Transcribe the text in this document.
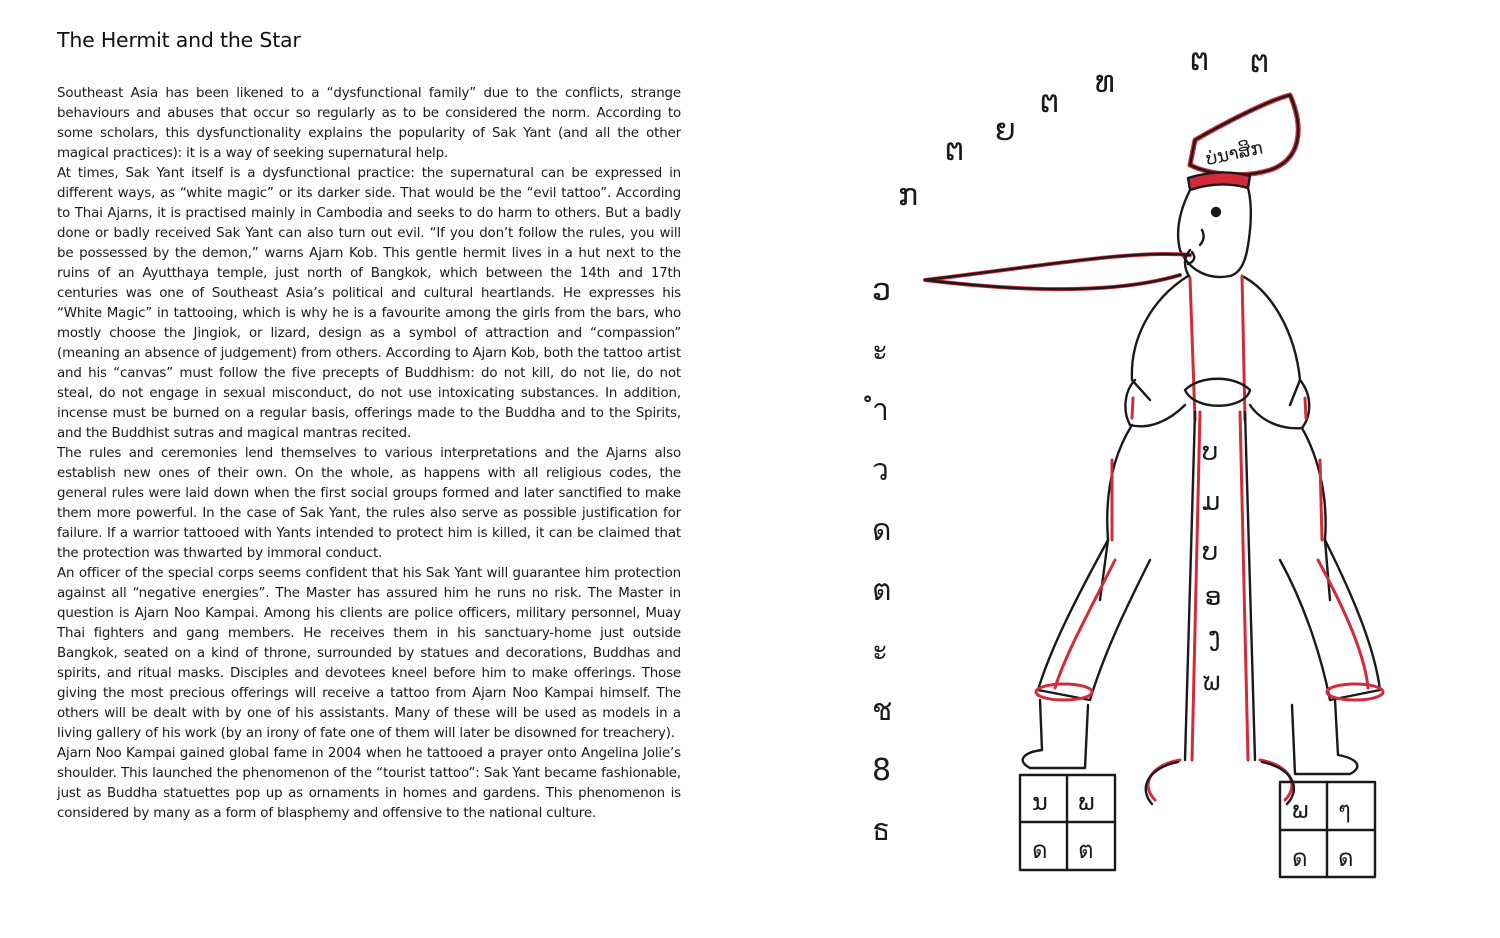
The Hermit and the Star

Southeast Asia has been likened to a “dysfunctional family” due to the conflicts, strange behaviours and abuses that occur so regularly as to be considered the norm. According to some scholars, this dysfunctionality explains the popularity of Sak Yant (and all the other magical practices): it is a way of seeking supernatural help.

At times, Sak Yant itself is a dysfunctional practice: the supernatural can be expressed in different ways, as “white magic” or its darker side. That would be the “evil tattoo”. According to Thai Ajarns, it is practised mainly in Cambodia and seeks to do harm to others. But a badly done or badly received Sak Yant can also turn out evil. “If you don’t follow the rules, you will be possessed by the demon,” warns Ajarn Kob. This gentle hermit lives in a hut next to the ruins of an Ayutthaya temple, just north of Bangkok, which between the 14th and 17th centuries was one of Southeast Asia’s political and cultural heartlands. He expresses his “White Magic” in tattooing, which is why he is a favourite among the girls from the bars, who mostly choose the Jingiok, or lizard, design as a symbol of attraction and “compassion” (meaning an absence of judgement) from others. According to Ajarn Kob, both the tattoo artist and his “canvas” must follow the five precepts of Buddhism: do not kill, do not lie, do not steal, do not engage in sexual misconduct, do not use intoxicating substances. In addition, incense must be burned on a regular basis, offerings made to the Buddha and to the Spirits, and the Buddhist sutras and magical mantras recited.

The rules and ceremonies lend themselves to various interpretations and the Ajarns also establish new ones of their own. On the whole, as happens with all religious codes, the general rules were laid down when the first social groups formed and later sanctified to make them more powerful. In the case of Sak Yant, the rules also serve as possible justification for failure. If a warrior tattooed with Yants intended to protect him is killed, it can be claimed that the protection was thwarted by immoral conduct.

An officer of the special corps seems confident that his Sak Yant will guarantee him protection against all “negative energies”. The Master has assured him he runs no risk. The Master in question is Ajarn Noo Kampai. Among his clients are police officers, military personnel, Muay Thai fighters and gang members. He receives them in his sanctuary-home just outside Bangkok, seated on a kind of throne, surrounded by statues and decorations, Buddhas and spirits, and ritual masks. Disciples and devotees kneel before him to make offerings. Those giving the most precious offerings will receive a tattoo from Ajarn Noo Kampai himself. The others will be dealt with by one of his assistants. Many of these will be used as models in a living gallery of his work (by an irony of fate one of them will later be disowned for treachery).

Ajarn Noo Kampai gained global fame in 2004 when he tattooed a prayer onto Angelina Jolie’s shoulder. This launched the phenomenon of the “tourist tattoo”: Sak Yant became fashionable, just as Buddha statuettes pop up as ornaments in homes and gardens. This phenomenon is considered by many as a form of blasphemy and offensive to the national culture.

ບ່ນາສິກ
ຕ
ຕ
ທ
ຕ
ຍ
ຕ
ກ
ວ
ะ
ำ
ว
ด
ต
ะ
ช
8
ธ
ບ
ມ
ບ
ອ
ງ
ຆ
ນ ພ
ด ต
ພ ๆ
ด ด
